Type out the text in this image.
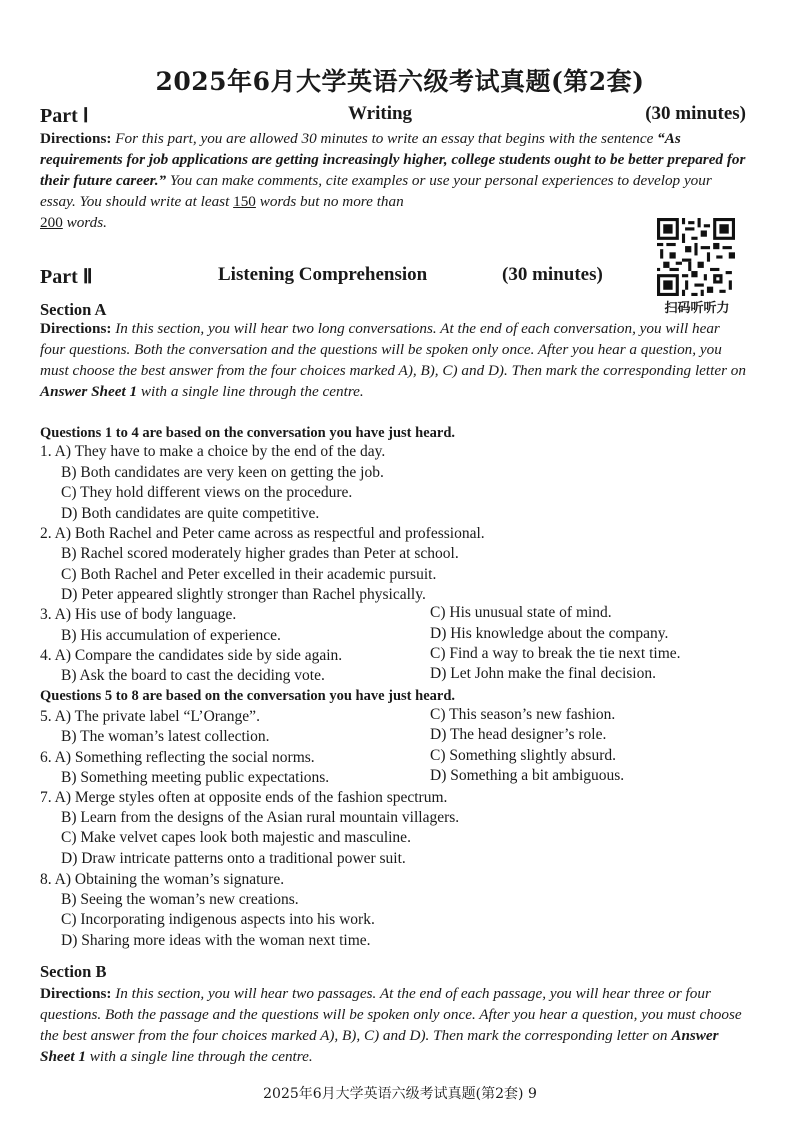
2025年6月大学英语六级考试真题(第2套)
Part Ⅰ	Writing	(30 minutes)
Directions: For this part, you are allowed 30 minutes to write an essay that begins with the sentence “As requirements for job applications are getting increasingly higher, college students ought to be better prepared for their future career.” You can make comments, cite examples or use your personal experiences to develop your essay. You should write at least 150 words but no more than
200 words.
扫码听听力
Part Ⅱ	Listening Comprehension	(30 minutes)
Section A
Directions: In this section, you will hear two long conversations. At the end of each conversation, you will hear four questions. Both the conversation and the questions will be spoken only once. After you hear a question, you must choose the best answer from the four choices marked A), B), C) and D). Then mark the corresponding letter on Answer Sheet 1 with a single line through the centre.
Questions 1 to 4 are based on the conversation you have just heard.
1. A) They have to make a choice by the end of the day.
B) Both candidates are very keen on getting the job.
C) They hold different views on the procedure.
D) Both candidates are quite competitive.
2. A) Both Rachel and Peter came across as respectful and professional.
B) Rachel scored moderately higher grades than Peter at school.
C) Both Rachel and Peter excelled in their academic pursuit.
D) Peter appeared slightly stronger than Rachel physically.
3. A) His use of body language.	C) His unusual state of mind.
B) His accumulation of experience.	D) His knowledge about the company.
4. A) Compare the candidates side by side again.	C) Find a way to break the tie next time.
B) Ask the board to cast the deciding vote.	D) Let John make the final decision.
Questions 5 to 8 are based on the conversation you have just heard.
5. A) The private label “L’Orange”.	C) This season’s new fashion.
B) The woman’s latest collection.	D) The head designer’s role.
6. A) Something reflecting the social norms.	C) Something slightly absurd.
B) Something meeting public expectations.	D) Something a bit ambiguous.
7. A) Merge styles often at opposite ends of the fashion spectrum.
B) Learn from the designs of the Asian rural mountain villagers.
C) Make velvet capes look both majestic and masculine.
D) Draw intricate patterns onto a traditional power suit.
8. A) Obtaining the woman’s signature.
B) Seeing the woman’s new creations.
C) Incorporating indigenous aspects into his work.
D) Sharing more ideas with the woman next time.
Section B
Directions: In this section, you will hear two passages. At the end of each passage, you will hear three or four questions. Both the passage and the questions will be spoken only once. After you hear a question, you must choose the best answer from the four choices marked A), B), C) and D). Then mark the corresponding letter on Answer Sheet 1 with a single line through the centre.
2025年6月大学英语六级考试真题(第2套) 9
